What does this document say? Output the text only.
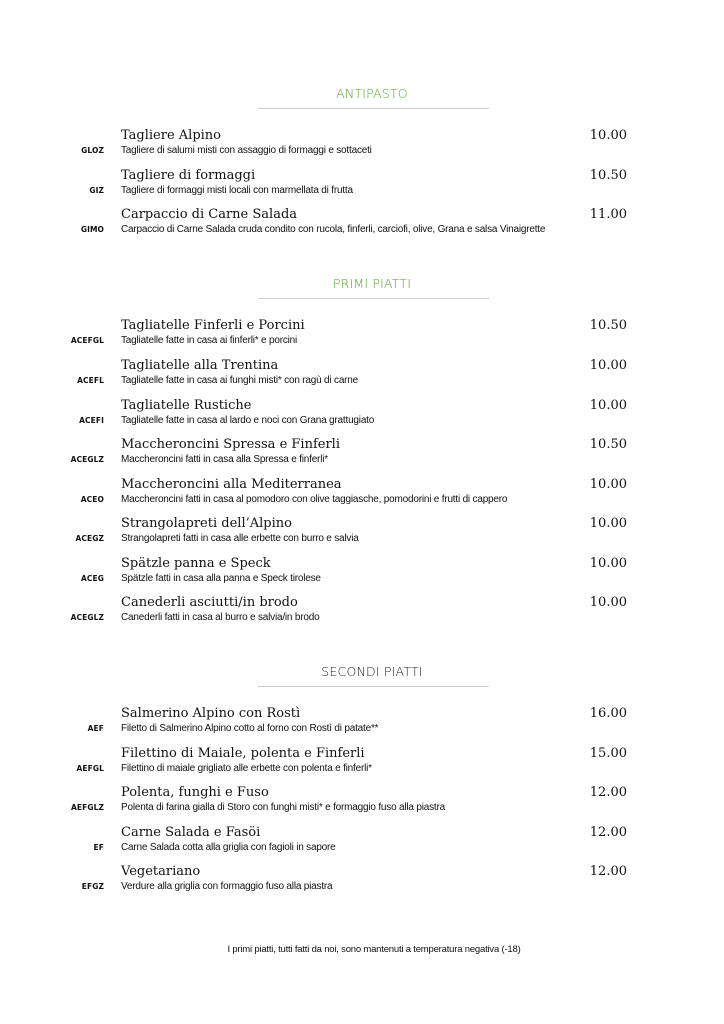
ANTIPASTO
Tagliere Alpino	10.00
GLOZ Tagliere di salumi misti con assaggio di formaggi e sottaceti
Tagliere di formaggi	10.50
GIZ Tagliere di formaggi misti locali con marmellata di frutta
Carpaccio di Carne Salada	11.00
GIMO Carpaccio di Carne Salada cruda condito con rucola, finferli, carciofi, olive, Grana e salsa Vinaigrette
PRIMI PIATTI
Tagliatelle Finferli e Porcini	10.50
ACEFGL Tagliatelle fatte in casa ai finferli* e porcini
Tagliatelle alla Trentina	10.00
ACEFL Tagliatelle fatte in casa ai funghi misti* con ragù di carne
Tagliatelle Rustiche	10.00
ACEFI Tagliatelle fatte in casa al lardo e noci con Grana grattugiato
Maccheroncini Spressa e Finferli	10.50
ACEGLZ Maccheroncini fatti in casa alla Spressa e finferli*
Maccheroncini alla Mediterranea	10.00
ACEO Maccheroncini fatti in casa al pomodoro con olive taggiasche, pomodorini e frutti di cappero
Strangolapreti dell’Alpino	10.00
ACEGZ Strangolapreti fatti in casa alle erbette con burro e salvia
Spätzle panna e Speck	10.00
ACEG Spätzle fatti in casa alla panna e Speck tirolese
Canederli asciutti/in brodo	10.00
ACEGLZ Canederli fatti in casa al burro e salvia/in brodo
SECONDI PIATTI
Salmerino Alpino con Rostì	16.00
AEF Filetto di Salmerino Alpino cotto al forno con Rostì di patate**
Filettino di Maiale, polenta e Finferli	15.00
AEFGL Filettino di maiale grigliato alle erbette con polenta e finferli*
Polenta, funghi e Fuso	12.00
AEFGLZ Polenta di farina gialla di Storo con funghi misti* e formaggio fuso alla piastra
Carne Salada e Fasöi	12.00
EF Carne Salada cotta alla griglia con fagioli in sapore
Vegetariano	12.00
EFGZ Verdure alla griglia con formaggio fuso alla piastra

I primi piatti, tutti fatti da noi, sono mantenuti a temperatura negativa (-18)
